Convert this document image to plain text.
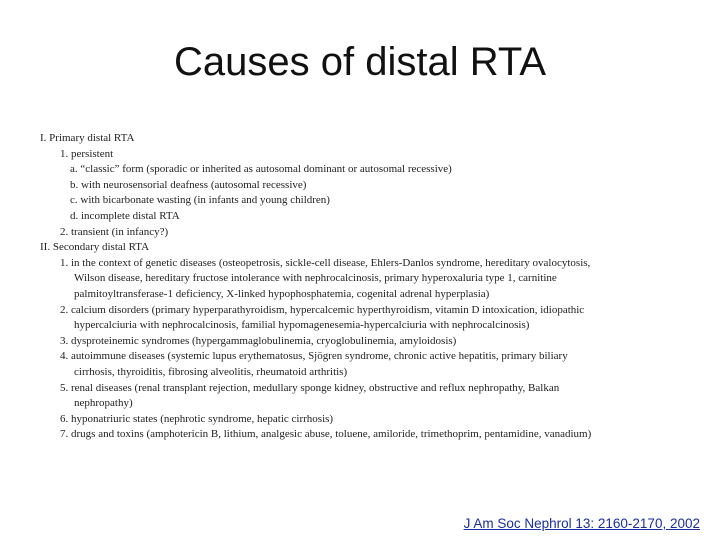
Causes of distal RTA
I. Primary distal RTA
1. persistent
a. “classic” form (sporadic or inherited as autosomal dominant or autosomal recessive)
b. with neurosensorial deafness (autosomal recessive)
c. with bicarbonate wasting (in infants and young children)
d. incomplete distal RTA
2. transient (in infancy?)
II. Secondary distal RTA
1. in the context of genetic diseases (osteopetrosis, sickle-cell disease, Ehlers-Danlos syndrome, hereditary ovalocytosis,
Wilson disease, hereditary fructose intolerance with nephrocalcinosis, primary hyperoxaluria type 1, carnitine
palmitoyltransferase-1 deficiency, X-linked hypophosphatemia, cogenital adrenal hyperplasia)
2. calcium disorders (primary hyperparathyroidism, hypercalcemic hyperthyroidism, vitamin D intoxication, idiopathic
hypercalciuria with nephrocalcinosis, familial hypomagenesemia-hypercalciuria with nephrocalcinosis)
3. dysproteinemic syndromes (hypergammaglobulinemia, cryoglobulinemia, amyloidosis)
4. autoimmune diseases (systemic lupus erythematosus, Sjögren syndrome, chronic active hepatitis, primary biliary
cirrhosis, thyroiditis, fibrosing alveolitis, rheumatoid arthritis)
5. renal diseases (renal transplant rejection, medullary sponge kidney, obstructive and reflux nephropathy, Balkan
nephropathy)
6. hyponatriuric states (nephrotic syndrome, hepatic cirrhosis)
7. drugs and toxins (amphotericin B, lithium, analgesic abuse, toluene, amiloride, trimethoprim, pentamidine, vanadium)
J Am Soc Nephrol 13: 2160-2170, 2002
